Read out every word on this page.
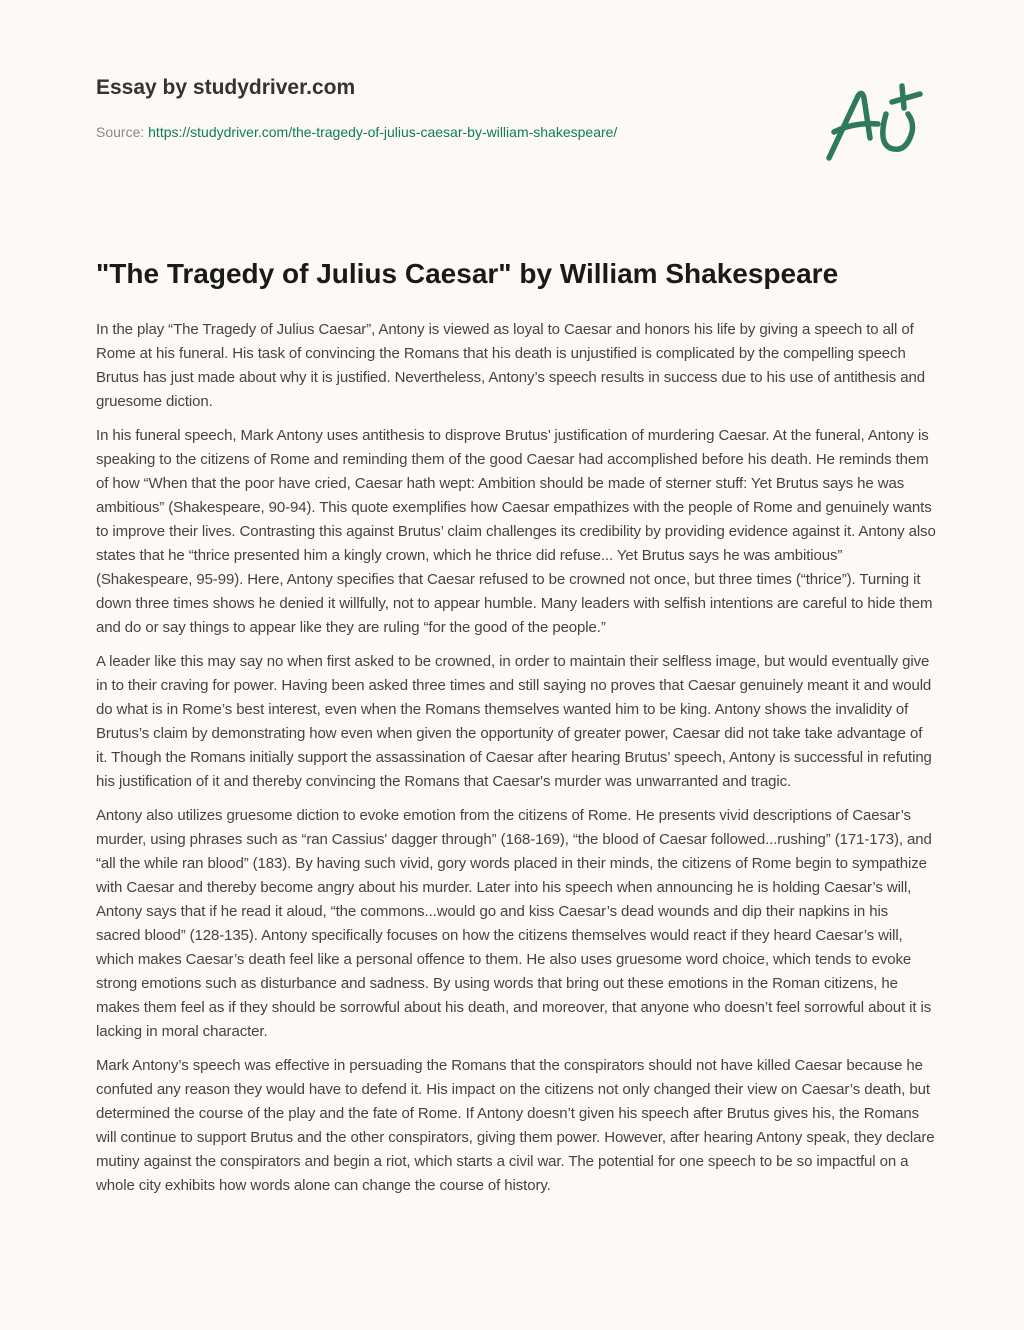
Essay by studydriver.com
Source: https://studydriver.com/the-tragedy-of-julius-caesar-by-william-shakespeare/
"The Tragedy of Julius Caesar" by William Shakespeare

In the play “The Tragedy of Julius Caesar”, Antony is viewed as loyal to Caesar and honors his life by giving a speech to all of Rome at his funeral. His task of convincing the Romans that his death is unjustified is complicated by the compelling speech Brutus has just made about why it is justified. Nevertheless, Antony’s speech results in success due to his use of antithesis and gruesome diction.

In his funeral speech, Mark Antony uses antithesis to disprove Brutus’ justification of murdering Caesar. At the funeral, Antony is speaking to the citizens of Rome and reminding them of the good Caesar had accomplished before his death. He reminds them of how “When that the poor have cried, Caesar hath wept: Ambition should be made of sterner stuff: Yet Brutus says he was ambitious” (Shakespeare, 90-94). This quote exemplifies how Caesar empathizes with the people of Rome and genuinely wants to improve their lives. Contrasting this against Brutus’ claim challenges its credibility by providing evidence against it. Antony also states that he “thrice presented him a kingly crown, which he thrice did refuse... Yet Brutus says he was ambitious” (Shakespeare, 95-99). Here, Antony specifies that Caesar refused to be crowned not once, but three times (“thrice”). Turning it down three times shows he denied it willfully, not to appear humble. Many leaders with selfish intentions are careful to hide them and do or say things to appear like they are ruling “for the good of the people.”

A leader like this may say no when first asked to be crowned, in order to maintain their selfless image, but would eventually give in to their craving for power. Having been asked three times and still saying no proves that Caesar genuinely meant it and would do what is in Rome’s best interest, even when the Romans themselves wanted him to be king. Antony shows the invalidity of Brutus’s claim by demonstrating how even when given the opportunity of greater power, Caesar did not take take advantage of it. Though the Romans initially support the assassination of Caesar after hearing Brutus’ speech, Antony is successful in refuting his justification of it and thereby convincing the Romans that Caesar's murder was unwarranted and tragic.

Antony also utilizes gruesome diction to evoke emotion from the citizens of Rome. He presents vivid descriptions of Caesar’s murder, using phrases such as “ran Cassius' dagger through” (168-169), “the blood of Caesar followed...rushing” (171-173), and “all the while ran blood” (183). By having such vivid, gory words placed in their minds, the citizens of Rome begin to sympathize with Caesar and thereby become angry about his murder. Later into his speech when announcing he is holding Caesar’s will, Antony says that if he read it aloud, “the commons...would go and kiss Caesar’s dead wounds and dip their napkins in his sacred blood” (128-135). Antony specifically focuses on how the citizens themselves would react if they heard Caesar’s will, which makes Caesar’s death feel like a personal offence to them. He also uses gruesome word choice, which tends to evoke strong emotions such as disturbance and sadness. By using words that bring out these emotions in the Roman citizens, he makes them feel as if they should be sorrowful about his death, and moreover, that anyone who doesn’t feel sorrowful about it is lacking in moral character.

Mark Antony’s speech was effective in persuading the Romans that the conspirators should not have killed Caesar because he confuted any reason they would have to defend it. His impact on the citizens not only changed their view on Caesar’s death, but determined the course of the play and the fate of Rome. If Antony doesn’t given his speech after Brutus gives his, the Romans will continue to support Brutus and the other conspirators, giving them power. However, after hearing Antony speak, they declare mutiny against the conspirators and begin a riot, which starts a civil war. The potential for one speech to be so impactful on a whole city exhibits how words alone can change the course of history.
